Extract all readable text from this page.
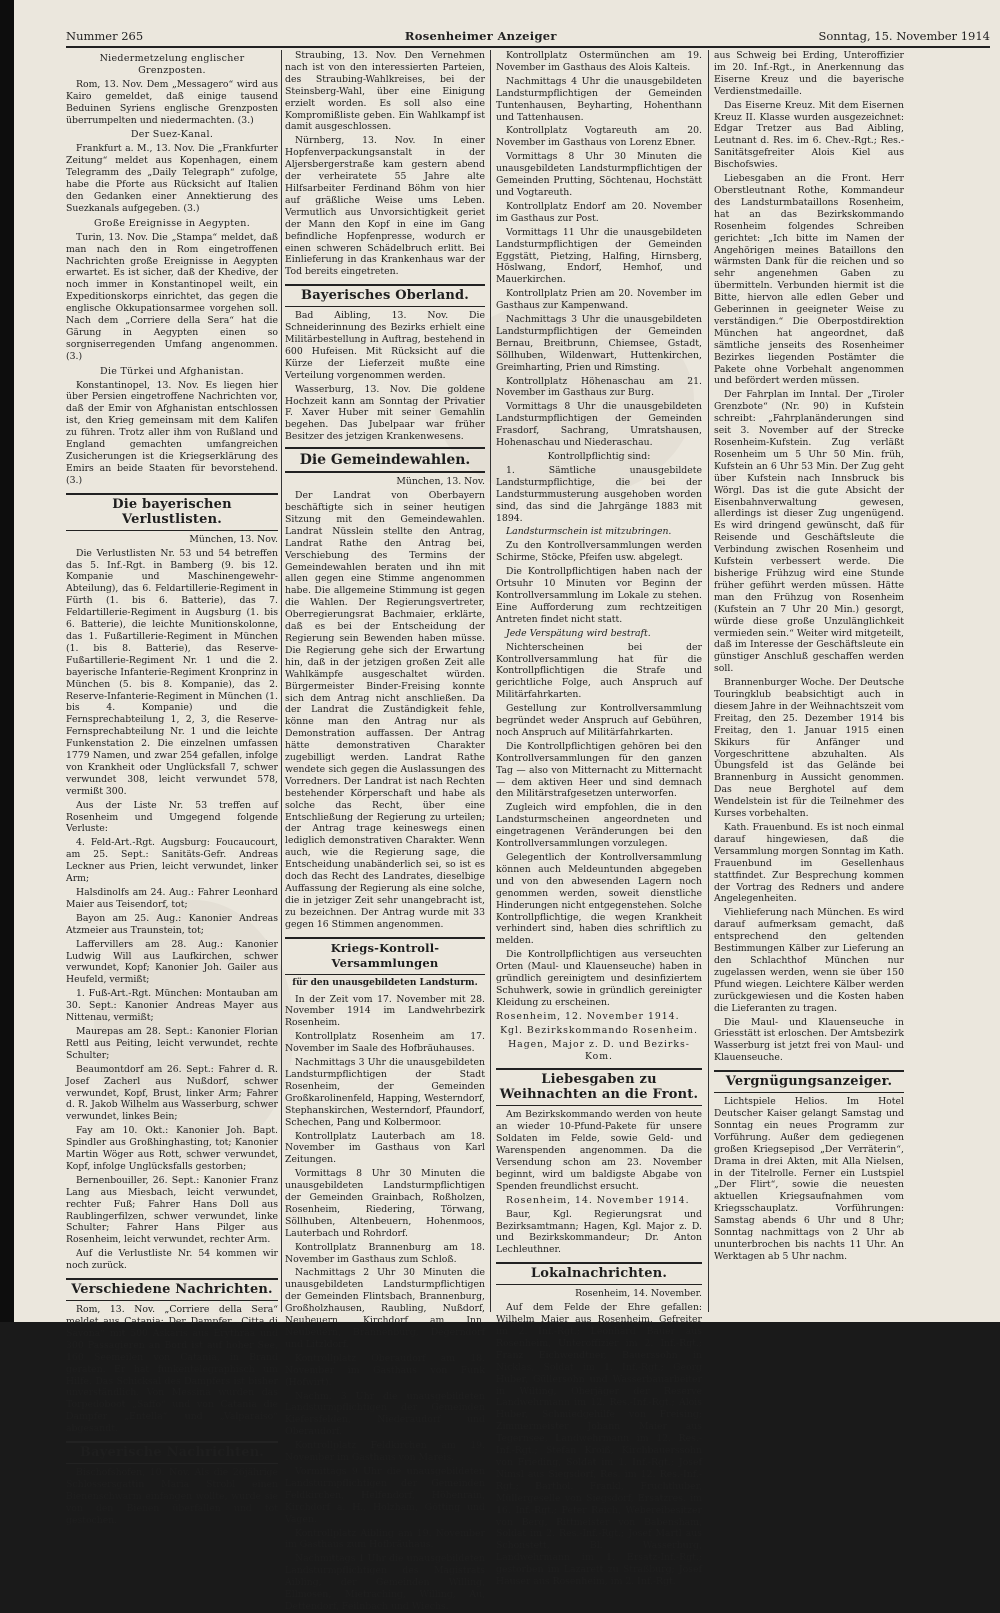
Nummer 265	Rosenheimer Anzeiger	Sonntag, 15. November 1914
Niedermetzelung englischer Grenzposten.

Rom, 13. Nov. Dem „Messagero“ wird aus Kairo gemeldet, daß einige tausend Beduinen Syriens englische Grenzposten überrumpelten und niedermachten. (3.)

Der Suez-Kanal.

Frankfurt a. M., 13. Nov. Die „Frankfurter Zeitung“ meldet aus Kopenhagen, einem Telegramm des „Daily Telegraph“ zufolge, habe die Pforte aus Rücksicht auf Italien den Gedanken einer Annektierung des Suezkanals aufgegeben. (3.)

Große Ereignisse in Aegypten.

Turin, 13. Nov. Die „Stampa“ meldet, daß man nach den in Rom eingetroffenen Nachrichten große Ereignisse in Aegypten erwartet. Es ist sicher, daß der Khedive, der noch immer in Konstantinopel weilt, ein Expeditionskorps einrichtet, das gegen die englische Okkupationsarmee vorgehen soll. Nach dem „Corriere della Sera“ hat die Gärung in Aegypten einen so sorgniserregenden Umfang angenommen. (3.)

Die Türkei und Afghanistan.

Konstantinopel, 13. Nov. Es liegen hier über Persien eingetroffene Nachrichten vor, daß der Emir von Afghanistan entschlossen ist, den Krieg gemeinsam mit dem Kalifen zu führen. Trotz aller ihm von Rußland und England gemachten umfangreichen Zusicherungen ist die Kriegserklärung des Emirs an beide Staaten für bevorstehend. (3.)

Die bayerischen Verlustlisten.
München, 13. Nov.

Die Verlustlisten Nr. 53 und 54 betreffen das 5. Inf.-Rgt. in Bamberg (9. bis 12. Kompanie und Maschinengewehr-Abteilung), das 6. Feldartillerie-Regiment in Fürth (1. bis 6. Batterie), das 7. Feldartillerie-Regiment in Augsburg (1. bis 6. Batterie), die leichte Munitionskolonne, das 1. Fußartillerie-Regiment in München (1. bis 8. Batterie), das Reserve-Fußartillerie-Regiment Nr. 1 und die 2. bayerische Infanterie-Regiment Kronprinz in München (5. bis 8. Kompanie), das 2. Reserve-Infanterie-Regiment in München (1. bis 4. Kompanie) und die Fernsprechabteilung 1, 2, 3, die Reserve-Fernsprechabteilung Nr. 1 und die leichte Funkenstation 2. Die einzelnen umfassen 1779 Namen, und zwar 254 gefallen, infolge von Krankheit oder Unglücksfall 7, schwer verwundet 308, leicht verwundet 578, vermißt 300.

Aus der Liste Nr. 53 treffen auf Rosenheim und Umgegend folgende Verluste:

4. Feld-Art.-Rgt. Augsburg: Foucaucourt, am 25. Sept.: Sanitäts-Gefr. Andreas Leckner aus Prien, leicht verwundet, linker Arm;

Halsdinolfs am 24. Aug.: Fahrer Leonhard Maier aus Teisendorf, tot;

Bayon am 25. Aug.: Kanonier Andreas Atzmeier aus Traunstein, tot;

Laffervillers am 28. Aug.: Kanonier Ludwig Will aus Laufkirchen, schwer verwundet, Kopf; Kanonier Joh. Gailer aus Heufeld, vermißt;

1. Fuß-Art.-Rgt. München: Montauban am 30. Sept.: Kanonier Andreas Mayer aus Nittenau, vermißt;

Maurepas am 28. Sept.: Kanonier Florian Rettl aus Peiting, leicht verwundet, rechte Schulter;

Beaumontdorf am 26. Sept.: Fahrer d. R. Josef Zacherl aus Nußdorf, schwer verwundet, Kopf, Brust, linker Arm; Fahrer d. R. Jakob Wilhelm aus Wasserburg, schwer verwundet, linkes Bein;

Fay am 10. Okt.: Kanonier Joh. Bapt. Spindler aus Großhinghasting, tot; Kanonier Martin Wöger aus Rott, schwer verwundet, Kopf, infolge Unglücksfalls gestorben;

Bernenbouiller, 26. Sept.: Kanonier Franz Lang aus Miesbach, leicht verwundet, rechter Fuß; Fahrer Hans Doll aus Raublingerfilzen, schwer verwundet, linke Schulter; Fahrer Hans Pilger aus Rosenheim, leicht verwundet, rechter Arm.

Auf die Verlustliste Nr. 54 kommen wir noch zurück.

Verschiedene Nachrichten.

Rom, 13. Nov. „Corriere della Sera“ meldet aus Catania: Der Dampfer „Citta di Savona“ mit 500 Askaris aus Erythräa und 300 Passagieren an Bord ist auf hoher See, 160 Seemeilen von Catania, in Brand geraten. Er hat funkentelegraphisch um Hilfe. Das Schicksal des Dampfers ist bisher unverständlich. Von Messina wurden das Torpedoboot „Saffo“ und von Catania die Dampfer „Entella“ und „Valparaiso“ abgesandt.

Bayerische Nachrichten.

Bischofshofen, 10. Nov. Als die 26jährige Schlossersgattin Maria Strobl einen Bienenschwarm einfangen wollte, wurde sie von den Bienen überfallen und tot gestochen.

Straubing, 13. Nov. Den Vernehmen nach ist von den interessierten Parteien, des Straubing-Wahlkreises, bei der Steinsberg-Wahl, über eine Einigung erzielt worden. Es soll also eine Kompromißliste geben. Ein Wahlkampf ist damit ausgeschlossen.

Nürnberg, 13. Nov. In einer Hopfenverpackungsanstalt in der Aljersbergerstraße kam gestern abend der verheiratete 55 Jahre alte Hilfsarbeiter Ferdinand Böhm von hier auf gräßliche Weise ums Leben. Vermutlich aus Unvorsichtigkeit geriet der Mann den Kopf in eine im Gang befindliche Hopfenpresse, wodurch er einen schweren Schädelbruch erlitt. Bei Einlieferung in das Krankenhaus war der Tod bereits eingetreten.

Bayerisches Oberland.

Bad Aibling, 13. Nov. Die Schneiderinnung des Bezirks erhielt eine Militärbestellung in Auftrag, bestehend in 600 Hufeisen. Mit Rücksicht auf die Kürze der Lieferzeit mußte eine Verteilung vorgenommen werden.

Wasserburg, 13. Nov. Die goldene Hochzeit kann am Sonntag der Privatier F. Xaver Huber mit seiner Gemahlin begehen. Das Jubelpaar war früher Besitzer des jetzigen Krankenwesens.

Die Gemeindewahlen.
München, 13. Nov.

Der Landrat von Oberbayern beschäftigte sich in seiner heutigen Sitzung mit den Gemeindewahlen. Landrat Nüsslein stellte den Antrag, Landrat Rathe den Antrag bei, Verschiebung des Termins der Gemeindewahlen beraten und ihn mit allen gegen eine Stimme angenommen habe. Die allgemeine Stimmung ist gegen die Wahlen. Der Regierungsvertreter, Oberregierungsrat Bachmaier, erklärte, daß es bei der Entscheidung der Regierung sein Bewenden haben müsse. Die Regierung gehe sich der Erwartung hin, daß in der jetzigen großen Zeit alle Wahlkämpfe ausgeschaltet würden. Bürgermeister Binder-Freising konnte sich dem Antrag nicht anschließen. Da der Landrat die Zuständigkeit fehle, könne man den Antrag nur als Demonstration auffassen. Der Antrag hätte demonstrativen Charakter zugebilligt werden. Landrat Rathe wendete sich gegen die Auslassungen des Vorredners. Der Landrat ist nach Rechten bestehender Körperschaft und habe als solche das Recht, über eine Entschließung der Regierung zu urteilen; der Antrag trage keineswegs einen lediglich demonstrativen Charakter. Wenn auch, wie die Regierung sage, die Entscheidung unabänderlich sei, so ist es doch das Recht des Landrates, dieselbige Auffassung der Regierung als eine solche, die in jetziger Zeit sehr unangebracht ist, zu bezeichnen. Der Antrag wurde mit 33 gegen 16 Stimmen angenommen.

Kriegs-Kontroll-Versammlungen
für den unausgebildeten Landsturm.

In der Zeit vom 17. November mit 28. November 1914 im Landwehrbezirk Rosenheim.

Kontrollplatz Rosenheim am 17. November im Saale des Hofbräuhauses.

Nachmittags 3 Uhr die unausgebildeten Landsturmpflichtigen der Stadt Rosenheim, der Gemeinden Großkarolinenfeld, Happing, Westerndorf, Stephanskirchen, Westerndorf, Pfaundorf, Schechen, Pang und Kolbermoor.

Kontrollplatz Lauterbach am 18. November im Gasthaus von Karl Zeitungen.

Vormittags 8 Uhr 30 Minuten die unausgebildeten Landsturmpflichtigen der Gemeinden Grainbach, Roßholzen, Rosenheim, Riedering, Törwang, Söllhuben, Altenbeuern, Hohenmoos, Lauterbach und Rohrdorf.

Kontrollplatz Brannenburg am 18. November im Gasthaus zum Schloß.

Nachmittags 2 Uhr 30 Minuten die unausgebildeten Landsturmpflichtigen der Gemeinden Flintsbach, Brannenburg, Großholzhausen, Raubling, Nußdorf, Neubeuern, Kirchdorf am Inn, Neubeuern, Brannenburg, Degerndorf und Litzldorf.

Kontrollplatz Oberaudorf am 18. November im Gasthaus von Funk (Hofwirt).

Nachm. 3 Uhr die unausgebildeten Landsturmpflichtigen der Gemeinden Kiefersfelden, Niederaudorf und Oberaudorf.

Kontrollplatz Feldkirchen am 19. November im Gasthaus von Mareis.

Vormittags 9 Uhr die unausgebildeten Landsturmpflichtigen der Gemeinden Feldkirchen, Helfendorf, Höhenrain, Kirchdorf a. H., Holzham, Götting und Vagen.

Kontrollplatz Aibling am 19. November im Gasthaus zum Hofbräuhaus.

Nachmittags 1 Uhr die unausgebildeten Landsturmpflichtigen des Magistrats Aibling, der Gemeinden Willing, Ellmosen, Mietraching, Willing, Au, Dettendorf, Feilnbach und Wiechs.

Kontrollplatz Ostermünchen am 19. November im Gasthaus des Alois Kalteis.

Nachmittags 4 Uhr die unausgebildeten Landsturmpflichtigen der Gemeinden Tuntenhausen, Beyharting, Hohenthann und Tattenhausen.

Kontrollplatz Vogtareuth am 20. November im Gasthaus von Lorenz Ebner.

Vormittags 8 Uhr 30 Minuten die unausgebildeten Landsturmpflichtigen der Gemeinden Prutting, Söchtenau, Hochstätt und Vogtareuth.

Kontrollplatz Endorf am 20. November im Gasthaus zur Post.

Vormittags 11 Uhr die unausgebildeten Landsturmpflichtigen der Gemeinden Eggstätt, Pietzing, Halfing, Hirnsberg, Höslwang, Endorf, Hemhof, und Mauerkirchen.

Kontrollplatz Prien am 20. November im Gasthaus zur Kampenwand.

Nachmittags 3 Uhr die unausgebildeten Landsturmpflichtigen der Gemeinden Bernau, Breitbrunn, Chiemsee, Gstadt, Söllhuben, Wildenwart, Huttenkirchen, Greimharting, Prien und Rimsting.

Kontrollplatz Höhenaschau am 21. November im Gasthaus zur Burg.

Vormittags 8 Uhr die unausgebildeten Landsturmpflichtigen der Gemeinden Frasdorf, Sachrang, Umratshausen, Hohenaschau und Niederaschau.

Kontrollpflichtig sind:

1. Sämtliche unausgebildete Landsturmpflichtige, die bei der Landsturmmusterung ausgehoben worden sind, das sind die Jahrgänge 1883 mit 1894.

Landsturmschein ist mitzubringen.

Zu den Kontrollversammlungen werden Schirme, Stöcke, Pfeifen usw. abgelegt.

Die Kontrollpflichtigen haben nach der Ortsuhr 10 Minuten vor Beginn der Kontrollversammlung im Lokale zu stehen. Eine Aufforderung zum rechtzeitigen Antreten findet nicht statt.

Jede Verspätung wird bestraft.

Nichterscheinen bei der Kontrollversammlung hat für die Kontrollpflichtigen die Strafe und gerichtliche Folge, auch Anspruch auf Militärfahrkarten.

Gestellung zur Kontrollversammlung begründet weder Anspruch auf Gebühren, noch Anspruch auf Militärfahrkarten.

Die Kontrollpflichtigen gehören bei den Kontrollversammlungen für den ganzen Tag — also von Mitternacht zu Mitternacht — dem aktiven Heer und sind demnach den Militärstrafgesetzen unterworfen.

Zugleich wird empfohlen, die in den Landsturmscheinen angeordneten und eingetragenen Veränderungen bei den Kontrollversammlungen vorzulegen.

Gelegentlich der Kontrollversammlung können auch Meldeuntunden abgegeben und von den abwesenden Lagern noch genommen werden, soweit dienstliche Hinderungen nicht entgegenstehen. Solche Kontrollpflichtige, die wegen Krankheit verhindert sind, haben dies schriftlich zu melden.

Die Kontrollpflichtigen aus verseuchten Orten (Maul- und Klauenseuche) haben in gründlich gereinigtem und desinfiziertem Schuhwerk, sowie in gründlich gereinigter Kleidung zu erscheinen.

Rosenheim, 12. November 1914.

Kgl. Bezirkskommando Rosenheim.

Hagen, Major z. D. und Bezirks-Kom.

Liebesgaben zu Weihnachten an die Front.

Am Bezirkskommando werden von heute an wieder 10-Pfund-Pakete für unsere Soldaten im Felde, sowie Geld- und Warenspenden angenommen. Da die Versendung schon am 23. November beginnt, wird um baldigste Abgabe von Spenden freundlichst ersucht.

Rosenheim, 14. November 1914.

Baur, Kgl. Regierungsrat und Bezirksamtmann; Hagen, Kgl. Major z. D. und Bezirkskommandeur; Dr. Anton Lechleuthner.

Lokalnachrichten.
Rosenheim, 14. November.

Auf dem Felde der Ehre gefallen: Wilhelm Maier aus Rosenheim, Gefreiter im 2. Inf.-Rgt.; Leonhard Bauer aus Rosenheim, Unteroffizier im 2. Inf.-Rgt.; Franz Eichwendtner, Bauerssohn in Nicklas, Soldat im 1. Inf.-Rgt.; Georg Huber, Güllersohn und Wasserbauarbeiter in Wilting, Oberjäger der Reserve Landwehrmann im 12. Res.-Inf.-Rgt.; Alois Huber, Schmiedgehilfe von Freising; Zimmermeister Johann Maier aus Tegernsee, Landwehrmann im 12. Res.-Inf.-Rgt.; Stefan Kroiß, Kirchbauerssohn von Frieding, Soldat im 1. Inf.-Rgt.; Josef Nimsl aus Siegsdorf, Res. im 12. Res.-Inf.-Rgt.; Barthol. Frankl, Fruchthuber, Müllergeselle von Siegsdorf, Ersatzres. im 16. Inf.-Rgt.; Peter Reich, Webereibesitzer von Berg, Rittmeister von Babensham, Soldat im 2. Res.-Inf.-Rgt.; Josef Martl aus Schonstett, Bl. Wasserburg, Landwehrmann im 1. Ersatz-Inf.-Rgt.; gestorben im Lazarett zu Straßburg; Josef Hauser aus Rosenheim, im 2. Inf.-Rgt.

aus Schweig bei Erding, Unteroffizier im 20. Inf.-Rgt., in Anerkennung das Eiserne Kreuz und die bayerische Verdienstmedaille.

Das Eiserne Kreuz. Mit dem Eisernen Kreuz II. Klasse wurden ausgezeichnet: Edgar Tretzer aus Bad Aibling, Leutnant d. Res. im 6. Chev.-Rgt.; Res.-Sanitätsgefreiter Alois Kiel aus Bischofswies.

Liebesgaben an die Front. Herr Oberstleutnant Rothe, Kommandeur des Landsturmbataillons Rosenheim, hat an das Bezirkskommando Rosenheim folgendes Schreiben gerichtet: „Ich bitte im Namen der Angehörigen meines Bataillons den wärmsten Dank für die reichen und so sehr angenehmen Gaben zu übermitteln. Verbunden hiermit ist die Bitte, hiervon alle edlen Geber und Geberinnen in geeigneter Weise zu verständigen.“ Die Oberpostdirektion München hat angeordnet, daß sämtliche jenseits des Rosenheimer Bezirkes liegenden Postämter die Pakete ohne Vorbehalt angenommen und befördert werden müssen.

Der Fahrplan im Inntal. Der „Tiroler Grenzbote“ (Nr. 90) in Kufstein schreibt: „Fahrplanänderungen sind seit 3. November auf der Strecke Rosenheim-Kufstein. Zug verläßt Rosenheim um 5 Uhr 50 Min. früh, Kufstein an 6 Uhr 53 Min. Der Zug geht über Kufstein nach Innsbruck bis Wörgl. Das ist die gute Absicht der Eisenbahnverwaltung gewesen, allerdings ist dieser Zug ungenügend. Es wird dringend gewünscht, daß für Reisende und Geschäftsleute die Verbindung zwischen Rosenheim und Kufstein verbessert werde. Die bisherige Frühzug wird eine Stunde früher geführt werden müssen. Hätte man den Frühzug von Rosenheim (Kufstein an 7 Uhr 20 Min.) gesorgt, würde diese große Unzulänglichkeit vermieden sein.“ Weiter wird mitgeteilt, daß im Interesse der Geschäftsleute ein günstiger Anschluß geschaffen werden soll.

Brannenburger Woche. Der Deutsche Touringklub beabsichtigt auch in diesem Jahre in der Weihnachtszeit vom Freitag, den 25. Dezember 1914 bis Freitag, den 1. Januar 1915 einen Skikurs für Anfänger und Vorgeschrittene abzuhalten. Als Übungsfeld ist das Gelände bei Brannenburg in Aussicht genommen. Das neue Berghotel auf dem Wendelstein ist für die Teilnehmer des Kurses vorbehalten.

Kath. Frauenbund. Es ist noch einmal darauf hingewiesen, daß die Versammlung morgen Sonntag im Kath. Frauenbund im Gesellenhaus stattfindet. Zur Besprechung kommen der Vortrag des Redners und andere Angelegenheiten.

Viehlieferung nach München. Es wird darauf aufmerksam gemacht, daß entsprechend den geltenden Bestimmungen Kälber zur Lieferung an den Schlachthof München nur zugelassen werden, wenn sie über 150 Pfund wiegen. Leichtere Kälber werden zurückgewiesen und die Kosten haben die Lieferanten zu tragen.

Die Maul- und Klauenseuche in Griesstätt ist erloschen. Der Amtsbezirk Wasserburg ist jetzt frei von Maul- und Klauenseuche.

Vergnügungsanzeiger.

Lichtspiele Helios. Im Hotel Deutscher Kaiser gelangt Samstag und Sonntag ein neues Programm zur Vorführung. Außer dem gediegenen großen Kriegsepisod „Der Verräterin“, Drama in drei Akten, mit Alla Nielsen, in der Titelrolle. Ferner ein Lustspiel „Der Flirt“, sowie die neuesten aktuellen Kriegsaufnahmen vom Kriegsschauplatz. Vorführungen: Samstag abends 6 Uhr und 8 Uhr; Sonntag nachmittags von 2 Uhr ab ununterbrochen bis nachts 11 Uhr. An Werktagen ab 5 Uhr nachm.
